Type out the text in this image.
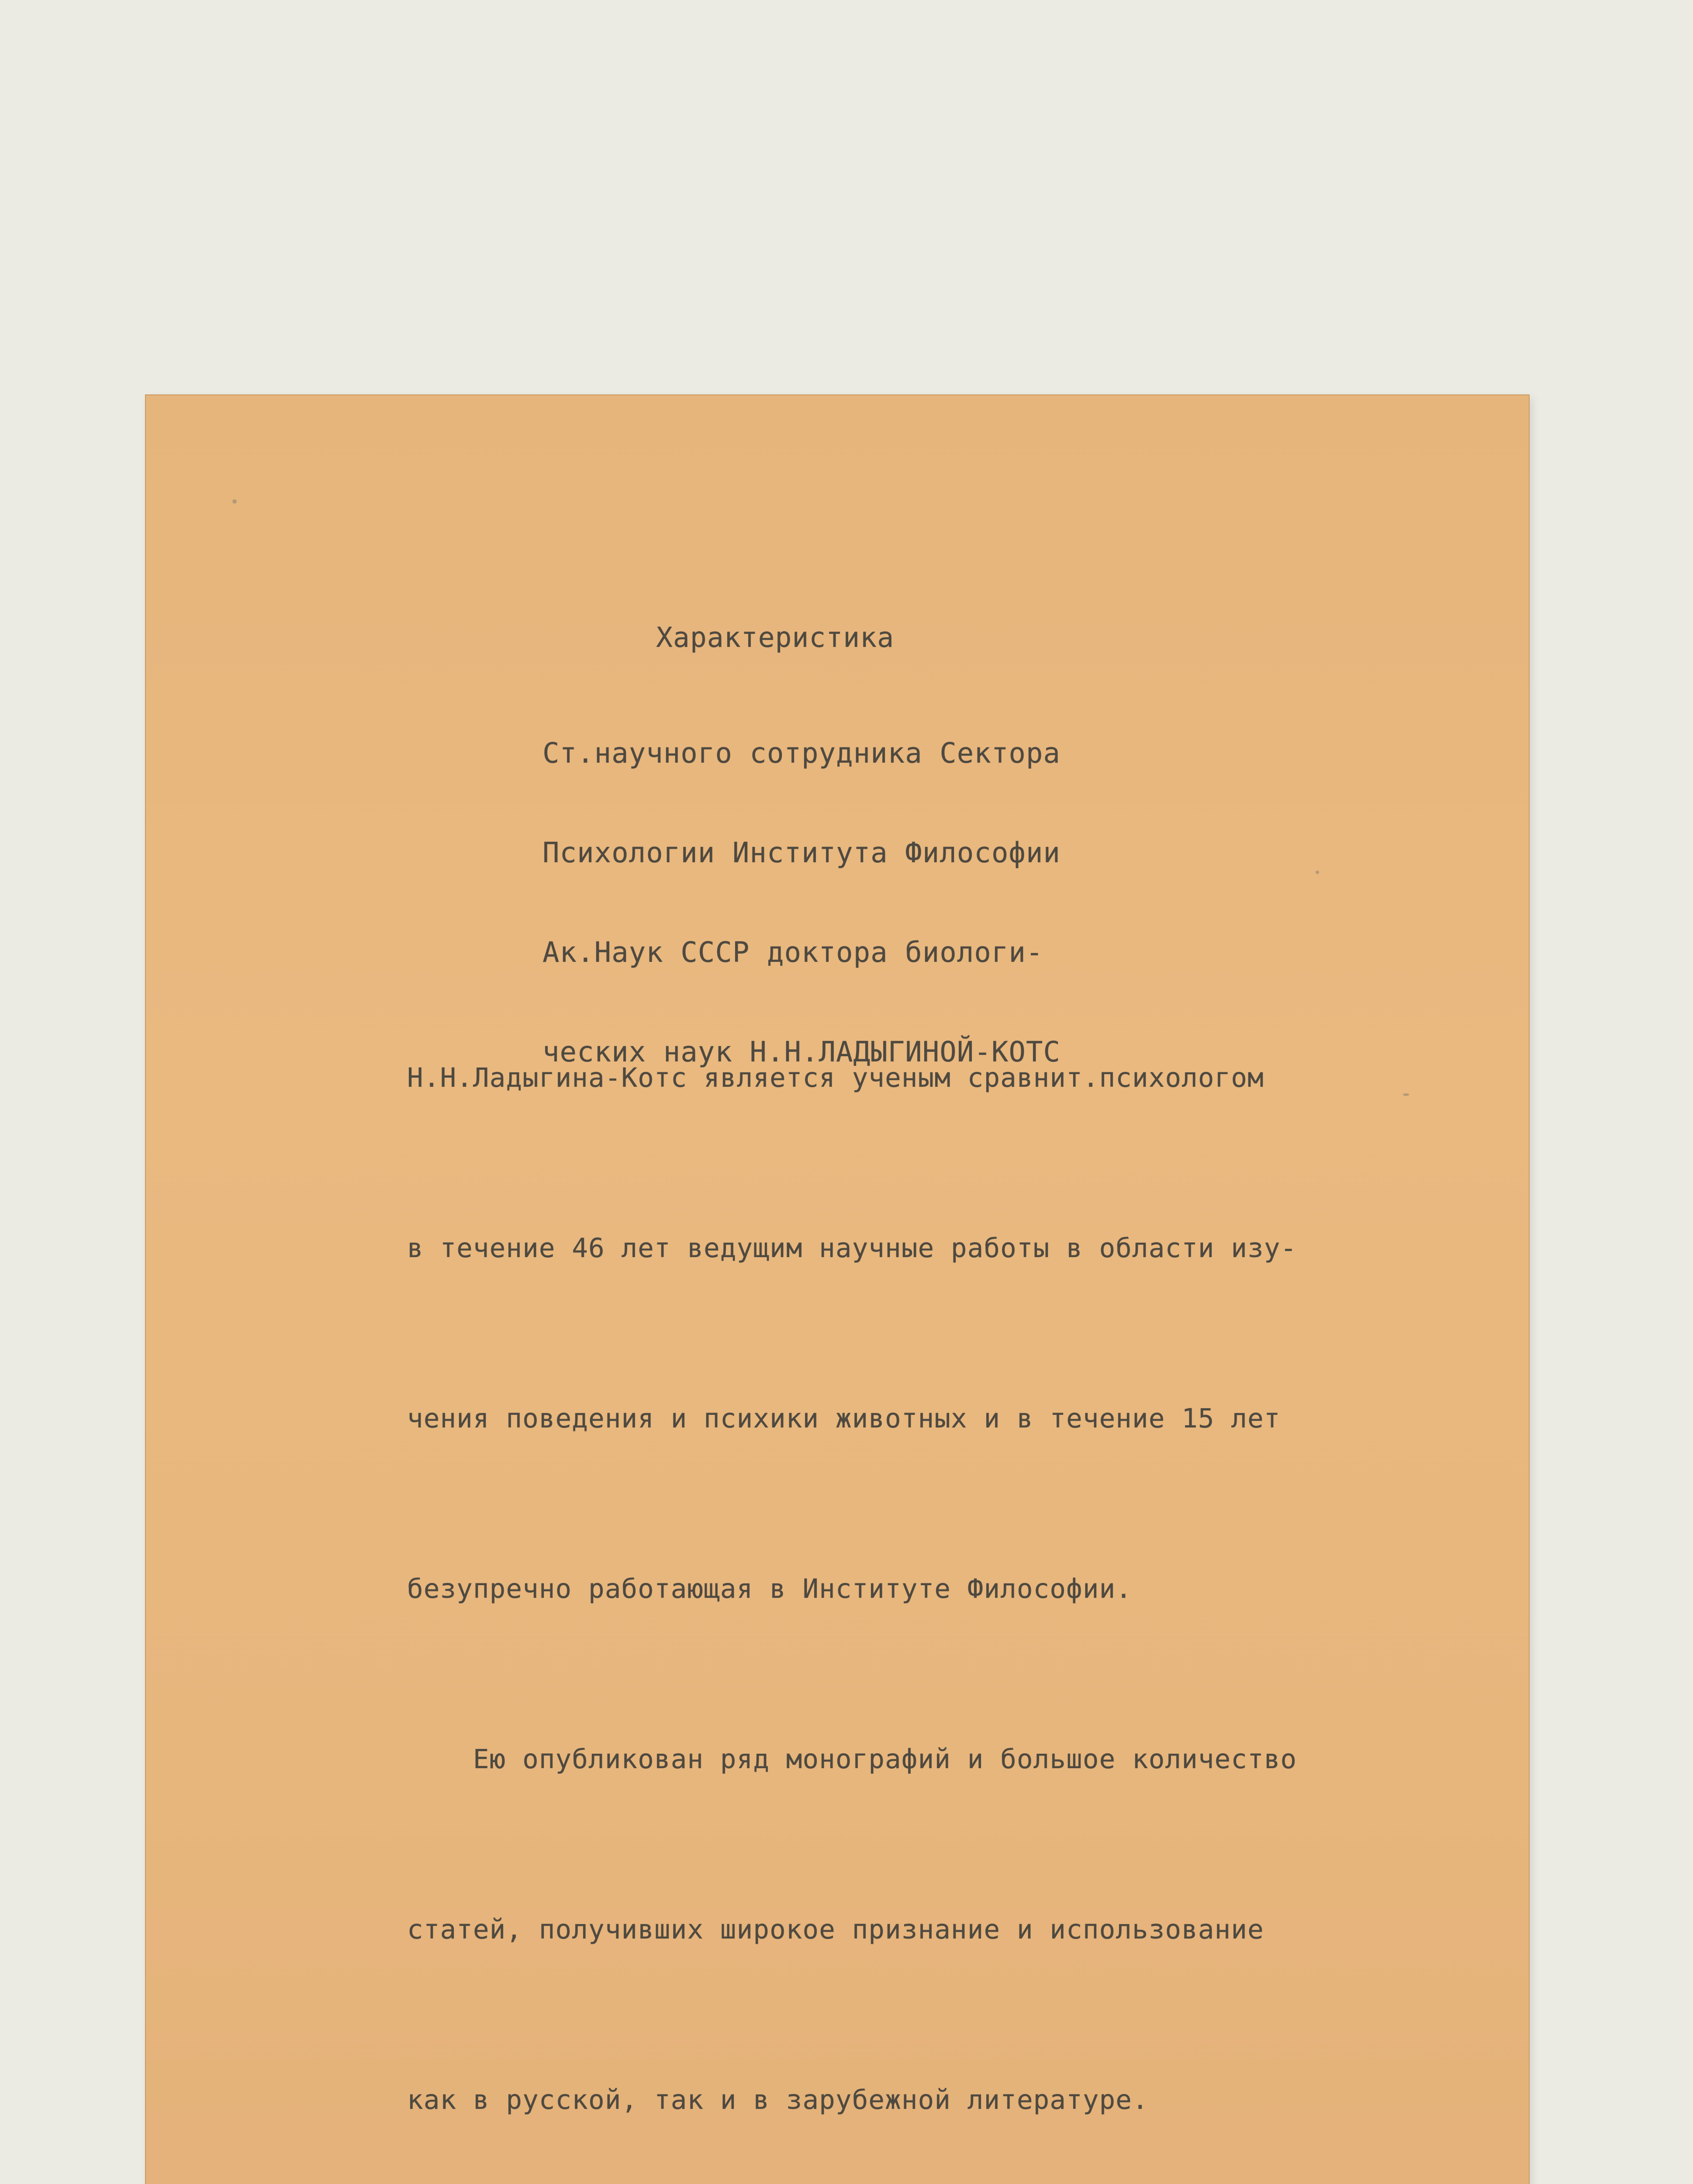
Характеристика

Ст.научного сотрудника Сектора

Психологии Института Философии

Ак.Наук СССР доктора биологи-

ческих наук Н.Н.ЛАДЫГИНОЙ-КОТС

Н.Н.Ладыгина-Котс является ученым сравнит.психологом

в течение 46 лет ведущим научные работы в области изу-

чения поведения и психики животных и в течение 15 лет

безупречно работающая в Институте Философии.

Ею опубликован ряд монографий и большое количество

статей, получивших широкое признание и использование

как в русской, так и в зарубежной литературе.
